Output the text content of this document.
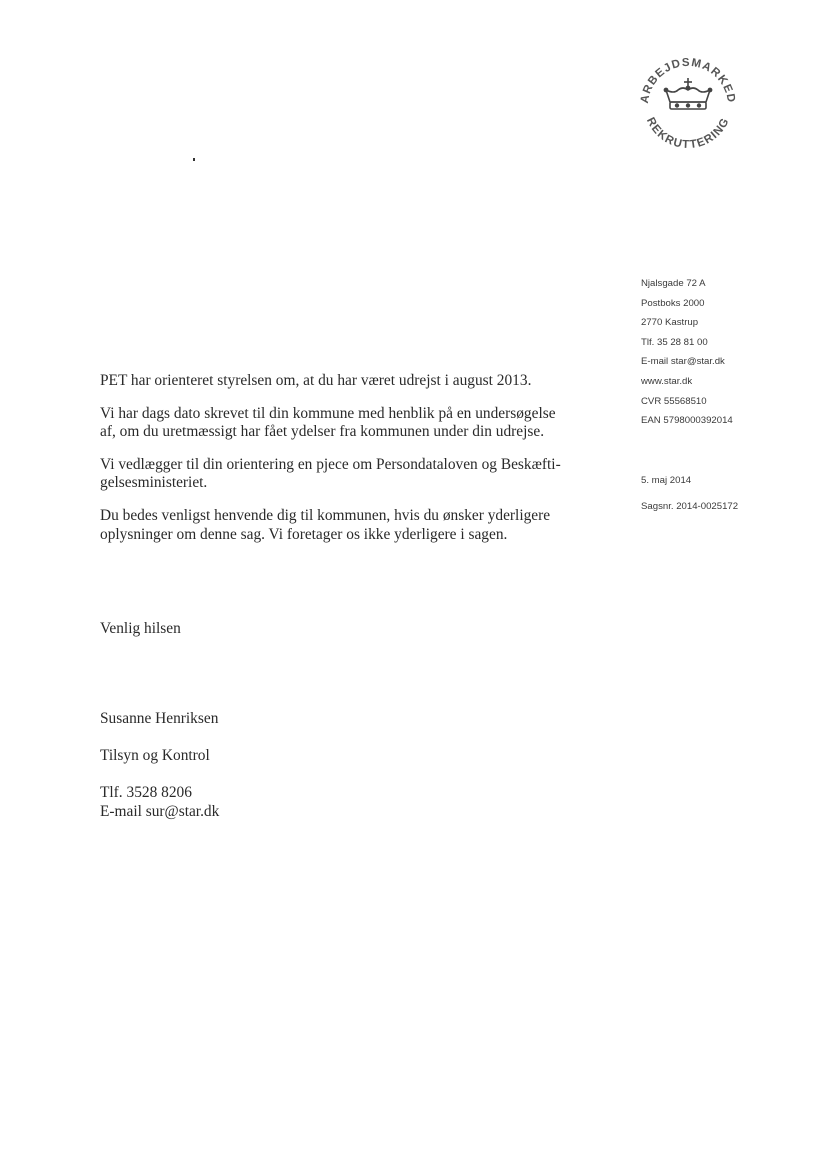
ARBEJDSMARKED
REKRUTTERING
Njalsgade 72 A
Postboks 2000
2770 Kastrup
Tlf. 35 28 81 00
E-mail star@star.dk
www.star.dk
CVR 55568510
EAN 5798000392014
5. maj 2014
Sagsnr. 2014-0025172

PET har orienteret styrelsen om, at du har været udrejst i august 2013.

Vi har dags dato skrevet til din kommune med henblik på en undersøgelse
af, om du uretmæssigt har fået ydelser fra kommunen under din udrejse.

Vi vedlægger til din orientering en pjece om Persondataloven og Beskæfti-
gelsesministeriet.

Du bedes venligst henvende dig til kommunen, hvis du ønsker yderligere
oplysninger om denne sag. Vi foretager os ikke yderligere i sagen.

Venlig hilsen
Susanne Henriksen
Tilsyn og Kontrol
Tlf. 3528 8206
E-mail sur@star.dk
